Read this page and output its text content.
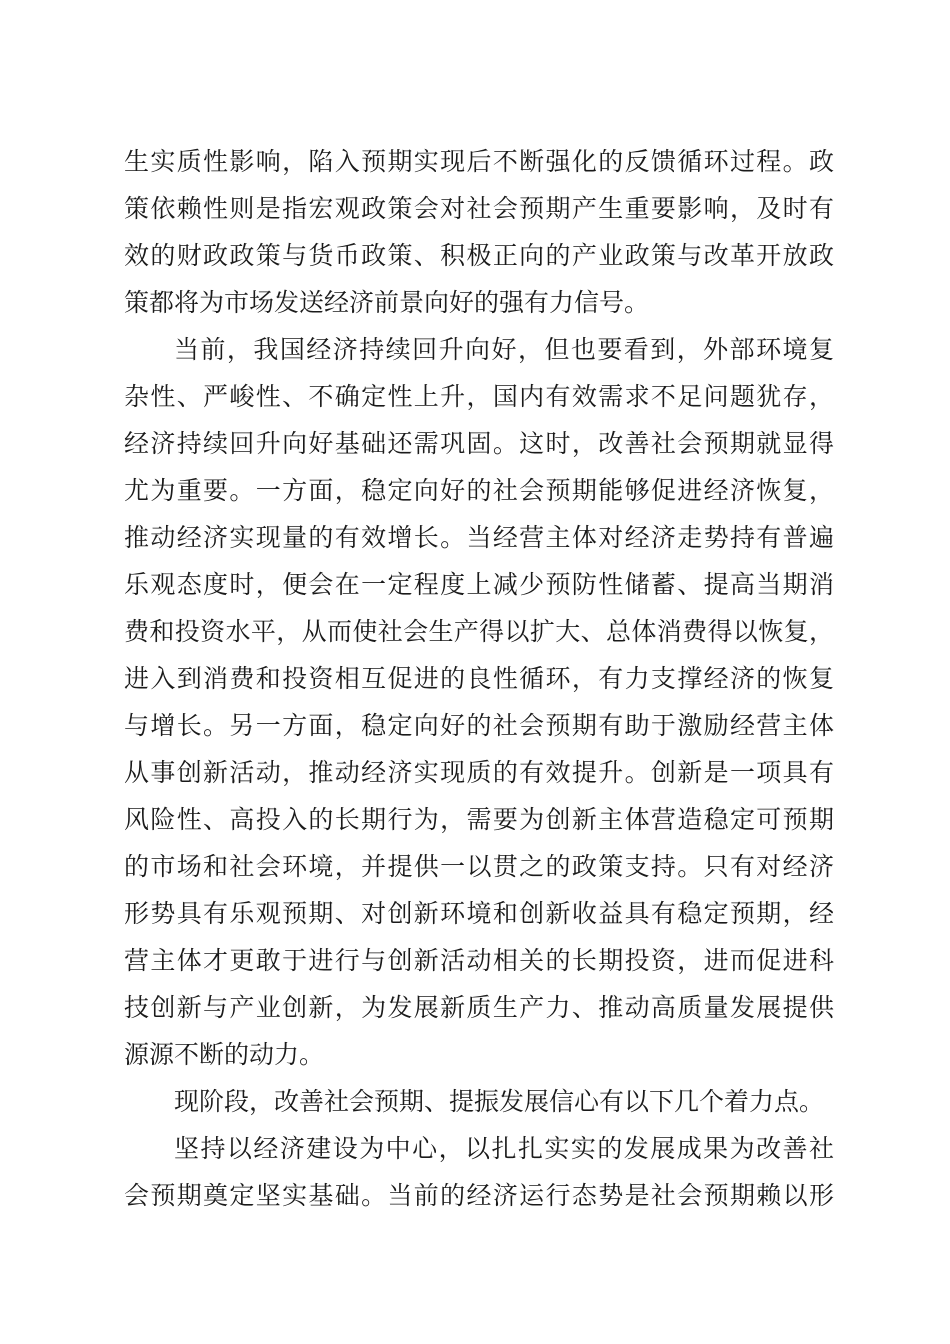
生实质性影响，陷入预期实现后不断强化的反馈循环过程。政
策依赖性则是指宏观政策会对社会预期产生重要影响，及时有
效的财政政策与货币政策、积极正向的产业政策与改革开放政
策都将为市场发送经济前景向好的强有力信号。
当前，我国经济持续回升向好，但也要看到，外部环境复
杂性、严峻性、不确定性上升，国内有效需求不足问题犹存，
经济持续回升向好基础还需巩固。这时，改善社会预期就显得
尤为重要。一方面，稳定向好的社会预期能够促进经济恢复，
推动经济实现量的有效增长。当经营主体对经济走势持有普遍
乐观态度时，便会在一定程度上减少预防性储蓄、提高当期消
费和投资水平，从而使社会生产得以扩大、总体消费得以恢复，
进入到消费和投资相互促进的良性循环，有力支撑经济的恢复
与增长。另一方面，稳定向好的社会预期有助于激励经营主体
从事创新活动，推动经济实现质的有效提升。创新是一项具有
风险性、高投入的长期行为，需要为创新主体营造稳定可预期
的市场和社会环境，并提供一以贯之的政策支持。只有对经济
形势具有乐观预期、对创新环境和创新收益具有稳定预期，经
营主体才更敢于进行与创新活动相关的长期投资，进而促进科
技创新与产业创新，为发展新质生产力、推动高质量发展提供
源源不断的动力。
现阶段，改善社会预期、提振发展信心有以下几个着力点。
坚持以经济建设为中心，以扎扎实实的发展成果为改善社
会预期奠定坚实基础。当前的经济运行态势是社会预期赖以形
